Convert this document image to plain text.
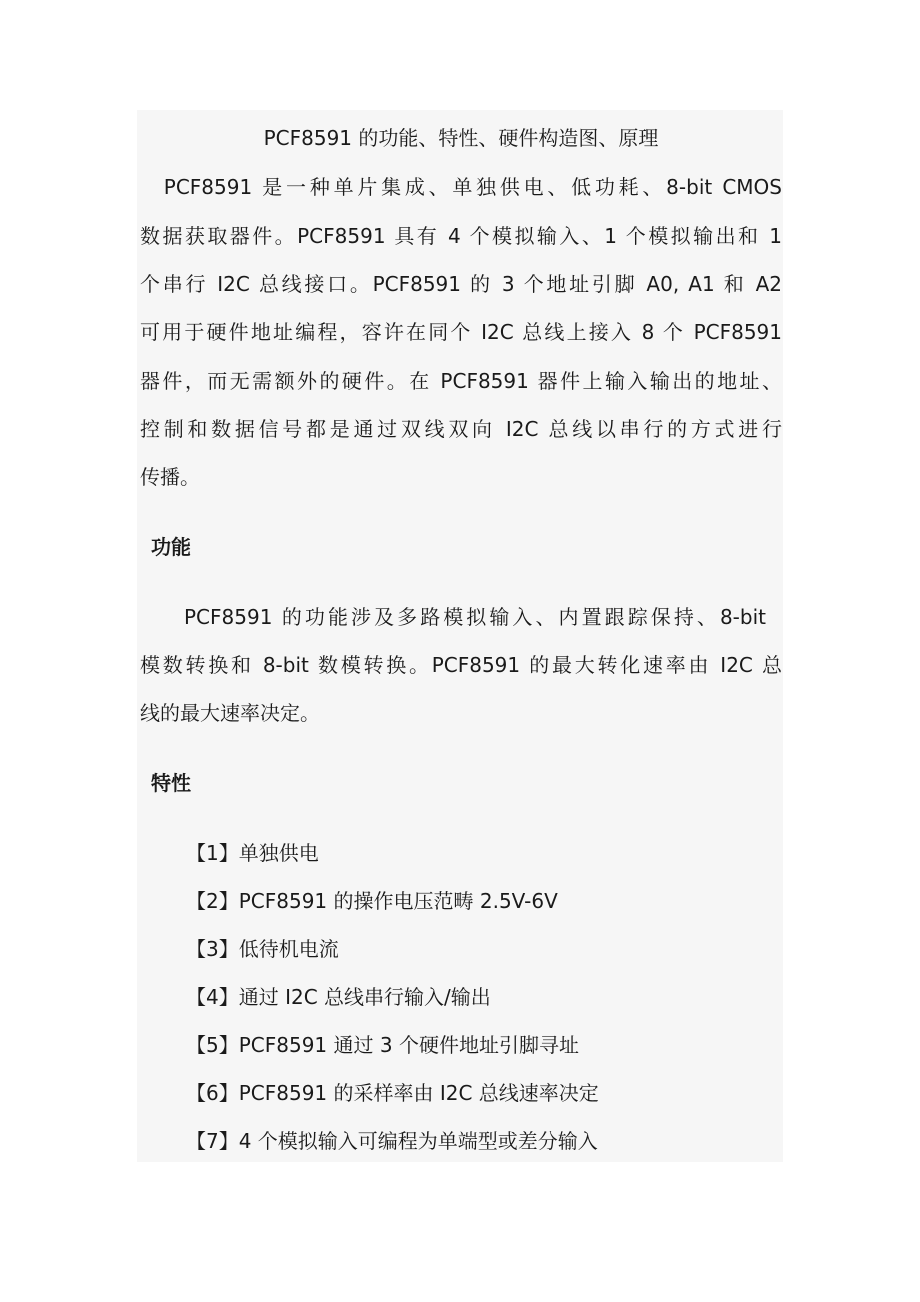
PCF8591 的功能、特性、硬件构造图、原理
　PCF8591 是一种单片集成、单独供电、低功耗、8-bit CMOS
数据获取器件。PCF8591 具有 4 个模拟输入、1 个模拟输出和 1
个串行 I2C 总线接口。PCF8591 的 3 个地址引脚 A0, A1 和 A2
可用于硬件地址编程，容许在同个 I2C 总线上接入 8 个 PCF8591
器件，而无需额外的硬件。在 PCF8591 器件上输入输出的地址、
控制和数据信号都是通过双线双向 I2C 总线以串行的方式进行
传播。
功能
PCF8591 的功能涉及多路模拟输入、内置跟踪保持、8-bit
模数转换和 8-bit 数模转换。PCF8591 的最大转化速率由 I2C 总
线的最大速率决定。
特性
【1】单独供电
【2】PCF8591 的操作电压范畴 2.5V-6V
【3】低待机电流
【4】通过 I2C 总线串行输入/输出
【5】PCF8591 通过 3 个硬件地址引脚寻址
【6】PCF8591 的采样率由 I2C 总线速率决定
【7】4 个模拟输入可编程为单端型或差分输入
